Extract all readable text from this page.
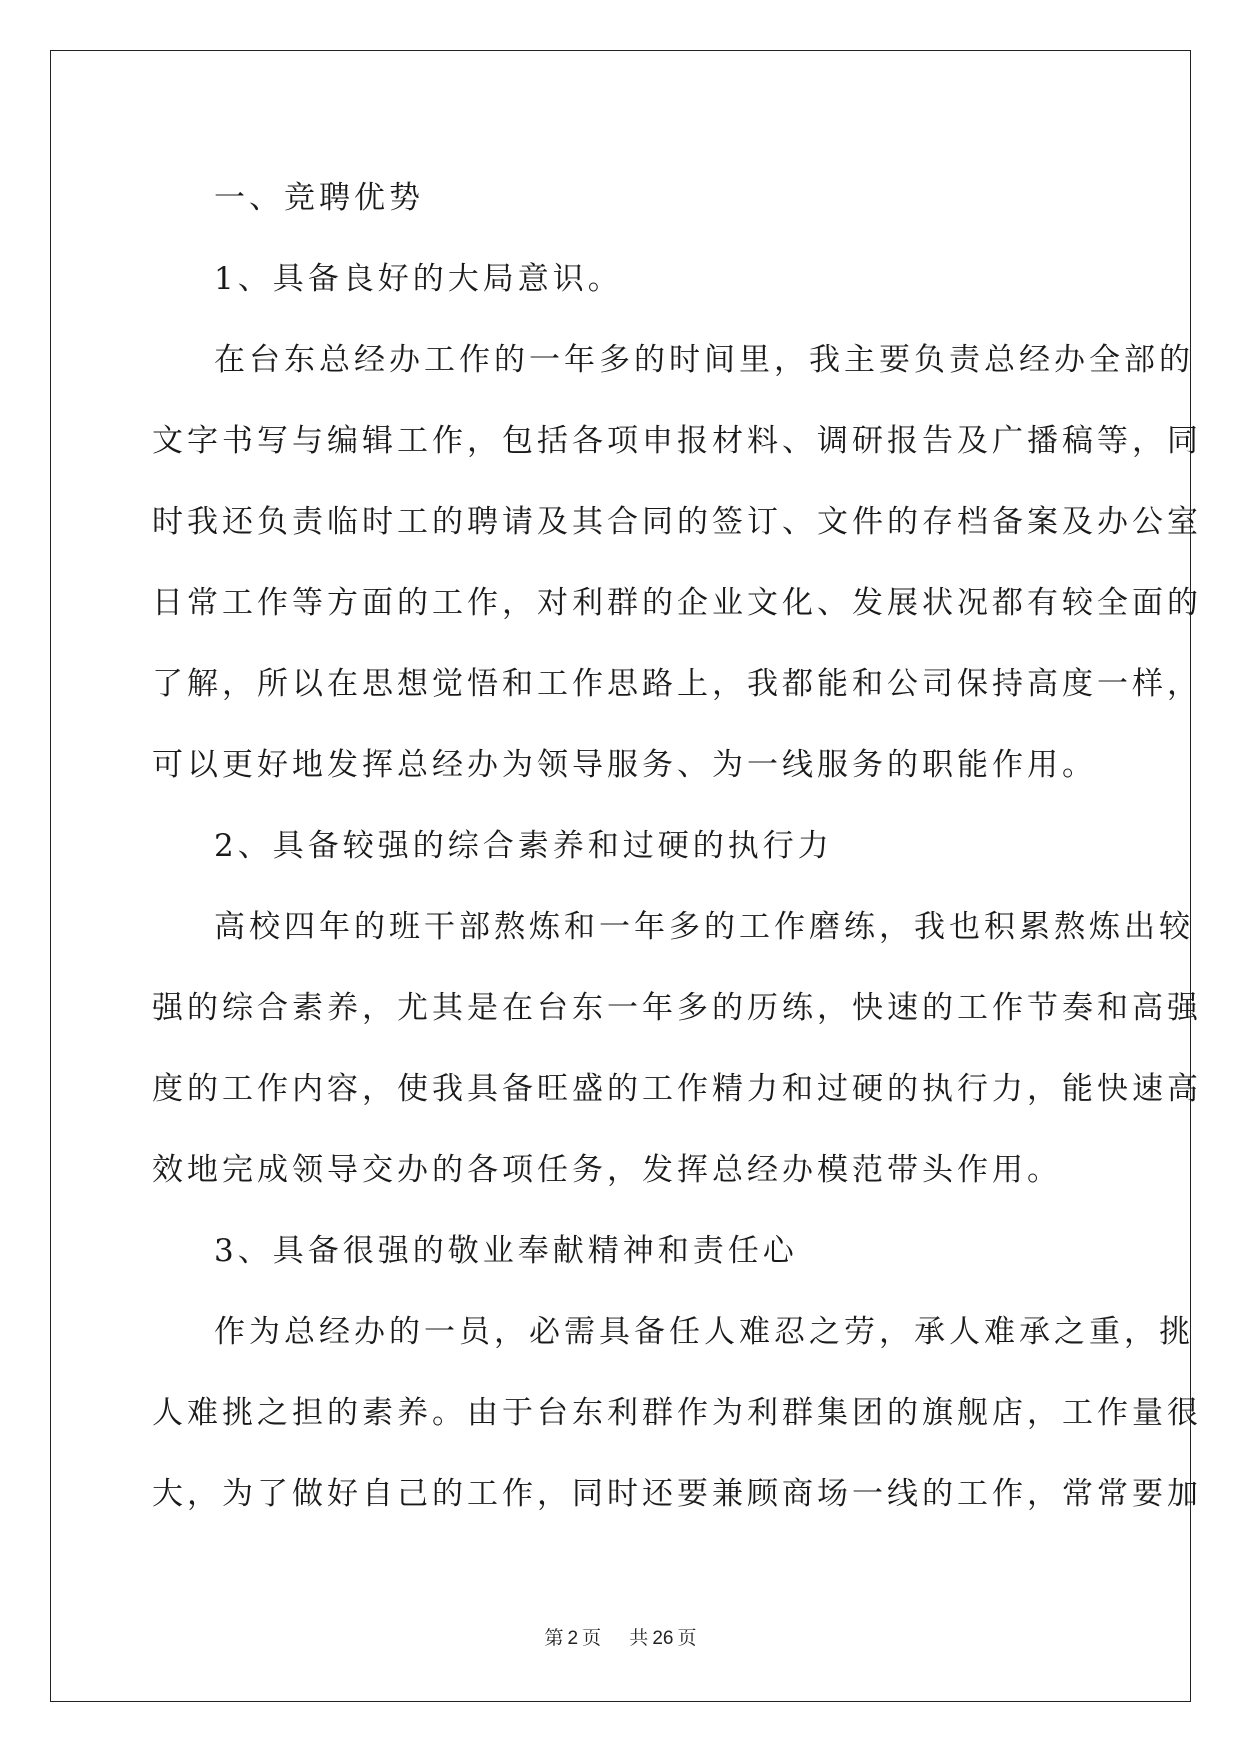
一、竞聘优势
1、具备良好的大局意识。
在台东总经办工作的一年多的时间里，我主要负责总经办全部的
文字书写与编辑工作，包括各项申报材料、调研报告及广播稿等，同
时我还负责临时工的聘请及其合同的签订、文件的存档备案及办公室
日常工作等方面的工作，对利群的企业文化、发展状况都有较全面的
了解，所以在思想觉悟和工作思路上，我都能和公司保持高度一样，
可以更好地发挥总经办为领导服务、为一线服务的职能作用。
2、具备较强的综合素养和过硬的执行力
高校四年的班干部熬炼和一年多的工作磨练，我也积累熬炼出较
强的综合素养，尤其是在台东一年多的历练，快速的工作节奏和高强
度的工作内容，使我具备旺盛的工作精力和过硬的执行力，能快速高
效地完成领导交办的各项任务，发挥总经办模范带头作用。
3、具备很强的敬业奉献精神和责任心
作为总经办的一员，必需具备任人难忍之劳，承人难承之重，挑
人难挑之担的素养。由于台东利群作为利群集团的旗舰店，工作量很
大，为了做好自己的工作，同时还要兼顾商场一线的工作，常常要加
第 2 页 共 26 页
